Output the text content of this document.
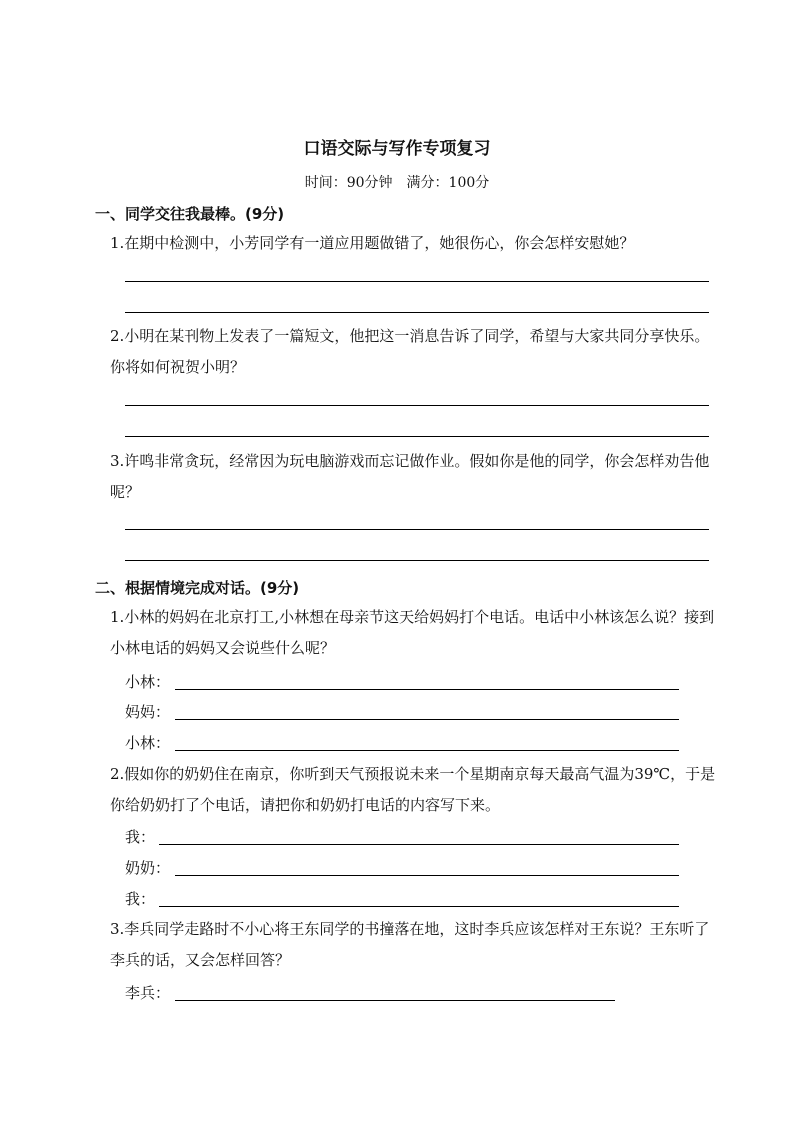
口语交际与写作专项复习
时间：90分钟　满分：100分
一、同学交往我最棒。(9分)
1.在期中检测中，小芳同学有一道应用题做错了，她很伤心，你会怎样安慰她？
2.小明在某刊物上发表了一篇短文，他把这一消息告诉了同学，希望与大家共同分享快乐。你将如何祝贺小明？
3.许鸣非常贪玩，经常因为玩电脑游戏而忘记做作业。假如你是他的同学，你会怎样劝告他呢？
二、根据情境完成对话。(9分)
1.小林的妈妈在北京打工,小林想在母亲节这天给妈妈打个电话。电话中小林该怎么说？接到小林电话的妈妈又会说些什么呢？
小林：
妈妈：
小林：
2.假如你的奶奶住在南京，你听到天气预报说未来一个星期南京每天最高气温为39℃，于是你给奶奶打了个电话，请把你和奶奶打电话的内容写下来。
我：
奶奶：
我：
3.李兵同学走路时不小心将王东同学的书撞落在地，这时李兵应该怎样对王东说？王东听了李兵的话，又会怎样回答？
李兵：
